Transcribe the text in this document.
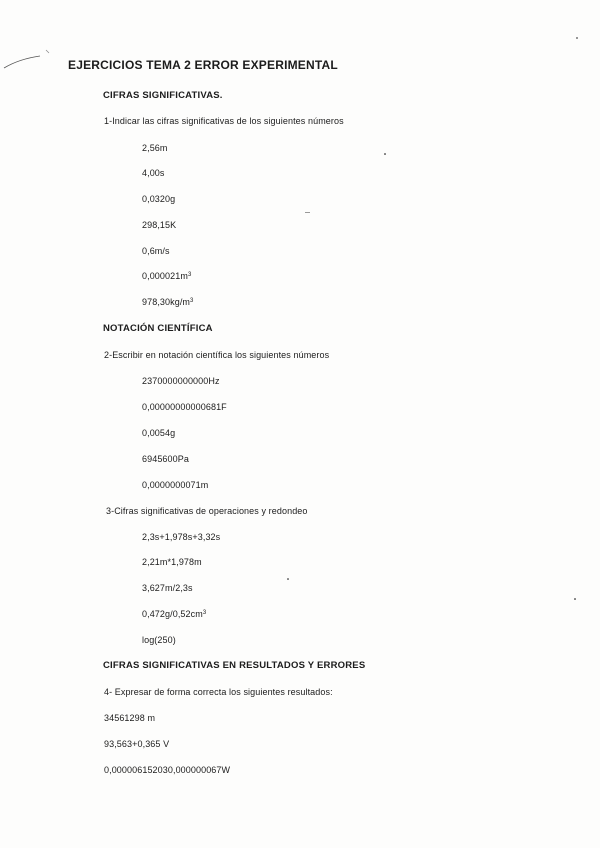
EJERCICIOS TEMA 2 ERROR EXPERIMENTAL
CIFRAS SIGNIFICATIVAS.
1-Indicar las cifras significativas de los siguientes números
2,56m
4,00s
0,0320g
298,15K
0,6m/s
$0,000021m^3$
$978,30kg/m^3$
NOTACIÓN CIENTÍFICA
2-Escribir en notación científica los siguientes números
2370000000000Hz
0,00000000000681F
0,0054g
6945600Pa
0,0000000071m
3-Cifras significativas de operaciones y redondeo
2,3s+1,978s+3,32s
2,21m*1,978m
3,627m/2,3s
$0,472g/0,52cm^3$
log(250)
CIFRAS SIGNIFICATIVAS EN RESULTADOS Y ERRORES
4- Expresar de forma correcta los siguientes resultados:
34561298 m
93,563+0,365 V
0,000006152030,000000067W
